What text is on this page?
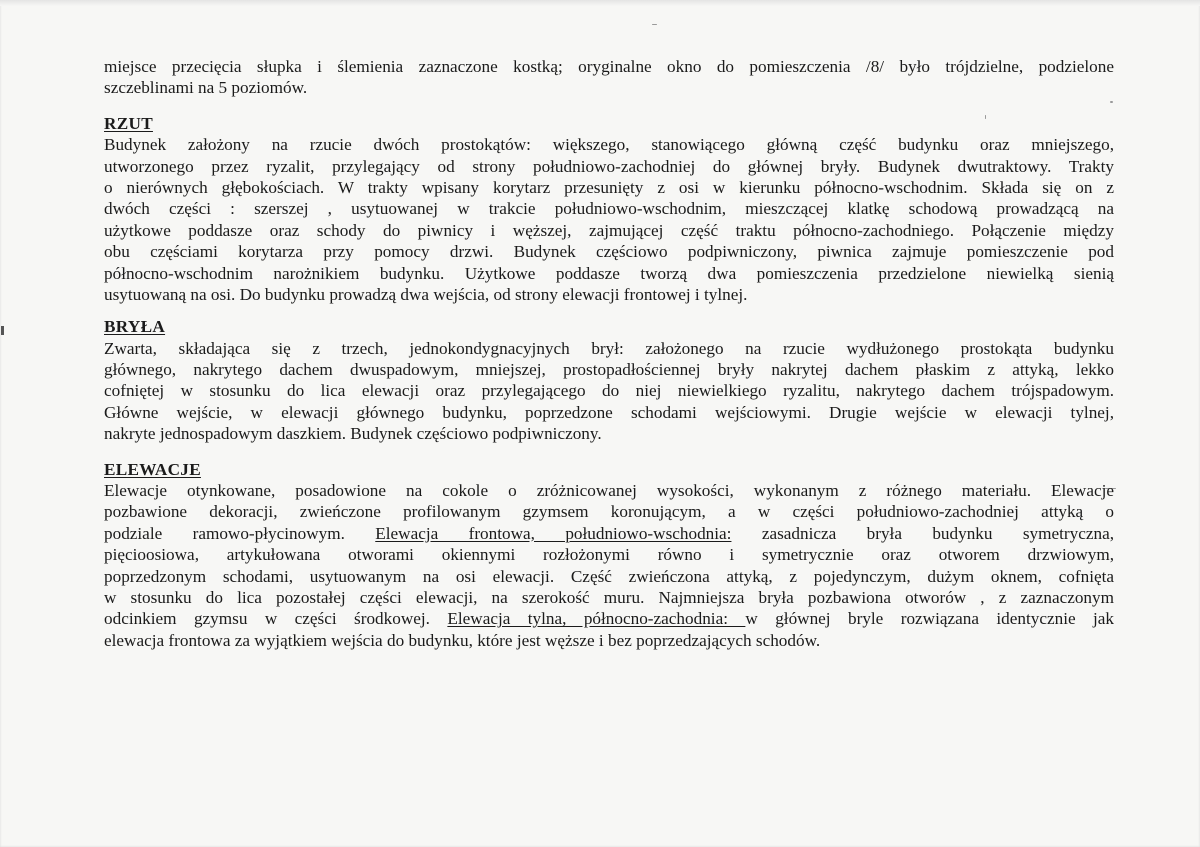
miejsce przecięcia słupka i ślemienia zaznaczone kostką; oryginalne okno do pomieszczenia /8/ było trójdzielne, podzielone
szczeblinami na 5 poziomów.
RZUT
Budynek założony na rzucie dwóch prostokątów: większego, stanowiącego główną część budynku oraz mniejszego,
utworzonego przez ryzalit, przylegający od strony południowo-zachodniej do głównej bryły. Budynek dwutraktowy. Trakty
o nierównych głębokościach. W trakty wpisany korytarz przesunięty z osi w kierunku północno-wschodnim. Składa się on z
dwóch części : szerszej , usytuowanej w trakcie południowo-wschodnim, mieszczącej klatkę schodową prowadzącą na
użytkowe poddasze oraz schody do piwnicy i węższej, zajmującej część traktu północno-zachodniego. Połączenie między
obu częściami korytarza przy pomocy drzwi. Budynek częściowo podpiwniczony, piwnica zajmuje pomieszczenie pod
północno-wschodnim narożnikiem budynku. Użytkowe poddasze tworzą dwa pomieszczenia przedzielone niewielką sienią
usytuowaną na osi. Do budynku prowadzą dwa wejścia, od strony elewacji frontowej i tylnej.
BRYŁA
Zwarta, składająca się z trzech, jednokondygnacyjnych brył: założonego na rzucie wydłużonego prostokąta budynku
głównego, nakrytego dachem dwuspadowym, mniejszej, prostopadłościennej bryły nakrytej dachem płaskim z attyką, lekko
cofniętej w stosunku do lica elewacji oraz przylegającego do niej niewielkiego ryzalitu, nakrytego dachem trójspadowym.
Główne wejście, w elewacji głównego budynku, poprzedzone schodami wejściowymi. Drugie wejście w elewacji tylnej,
nakryte jednospadowym daszkiem. Budynek częściowo podpiwniczony.
ELEWACJE
Elewacje otynkowane, posadowione na cokole o zróżnicowanej wysokości, wykonanym z różnego materiału. Elewacje
pozbawione dekoracji, zwieńczone profilowanym gzymsem koronującym, a w części południowo-zachodniej attyką o
podziale ramowo-płycinowym. Elewacja frontowa, południowo-wschodnia: zasadnicza bryła budynku symetryczna,
pięcioosiowa, artykułowana otworami okiennymi rozłożonymi równo i symetrycznie oraz otworem drzwiowym,
poprzedzonym schodami, usytuowanym na osi elewacji. Część zwieńczona attyką, z pojedynczym, dużym oknem, cofnięta
w stosunku do lica pozostałej części elewacji, na szerokość muru. Najmniejsza bryła pozbawiona otworów , z zaznaczonym
odcinkiem gzymsu w części środkowej. Elewacja tylna, północno-zachodnia: w głównej bryle rozwiązana identycznie jak
elewacja frontowa za wyjątkiem wejścia do budynku, które jest węższe i bez poprzedzających schodów.
